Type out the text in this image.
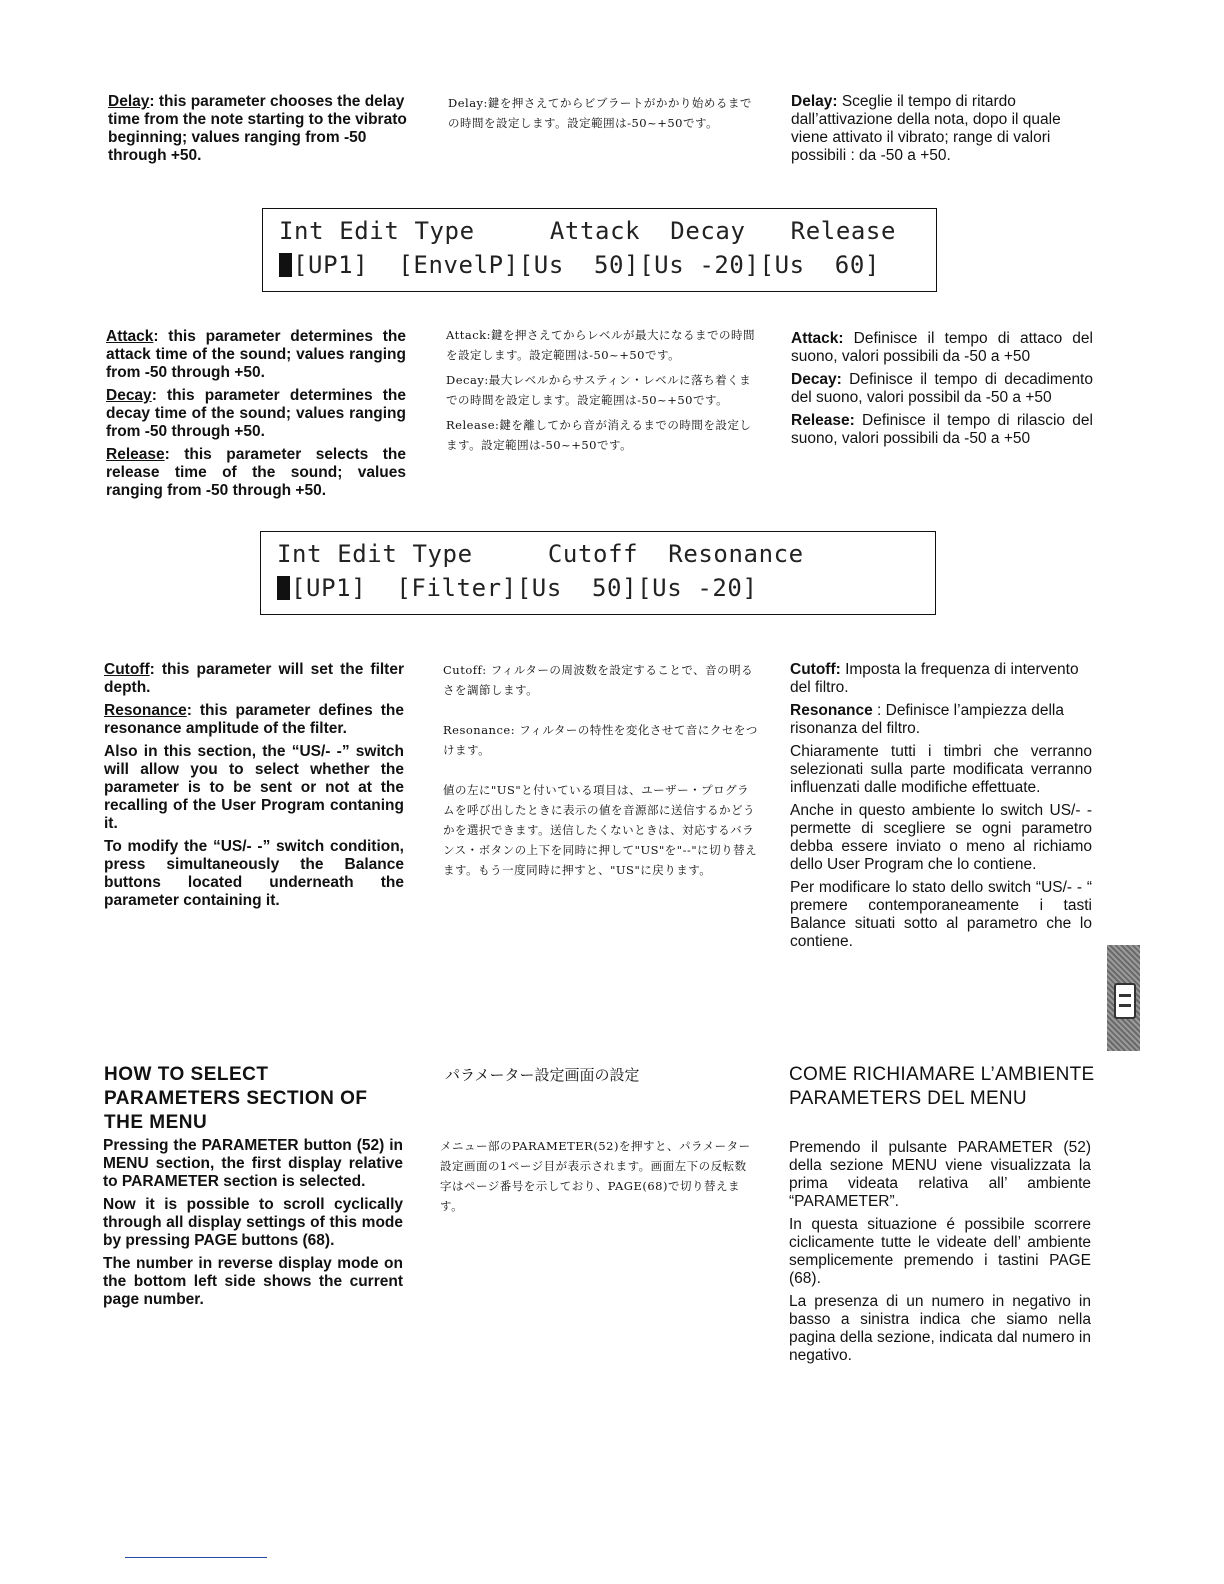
Delay: this parameter chooses the delay time from the note starting to the vibrato beginning; values ranging from -50 through +50.

Delay:鍵を押さえてからビブラートがかかり始めるまでの時間を設定します。設定範囲は-50~+50です。

Delay: Sceglie il tempo di ritardo dall’attivazione della nota, dopo il quale viene attivato il vibrato; range di valori possibili : da -50 a +50.

Int Edit Type     Attack  Decay   Release
[UP1]  [EnvelP][Us  50][Us -20][Us  60]

Attack: this parameter determines the attack time of the sound; values ranging from -50 through +50.

Decay: this parameter determines the decay time of the sound; values ranging from -50 through +50.

Release: this parameter selects the release time of the sound; values ranging from -50 through +50.

Attack:鍵を押さえてからレベルが最大になるまでの時間を設定します。設定範囲は-50~+50です。

Decay:最大レベルからサスティン・レベルに落ち着くまでの時間を設定します。設定範囲は-50~+50です。

Release:鍵を離してから音が消えるまでの時間を設定します。設定範囲は-50~+50です。

Attack: Definisce il tempo di attaco del suono, valori possibili da -50 a +50

Decay: Definisce il tempo di decadimento del suono, valori possibil da -50 a +50

Release: Definisce il tempo di rilascio del suono, valori possibili da -50 a +50

Int Edit Type     Cutoff  Resonance
[UP1]  [Filter][Us  50][Us -20]

Cutoff: this parameter will set the filter depth.

Resonance: this parameter defines the resonance amplitude of the filter.

Also in this section, the “US/- -” switch will allow you to select whether the parameter is to be sent or not at the recalling of the User Program contaning it.

To modify the “US/- -” switch condition, press simultaneously the Balance buttons located underneath the parameter containing it.

Cutoff: フィルターの周波数を設定することで、音の明るさを調節します。

Resonance: フィルターの特性を変化させて音にクセをつけます。

値の左に"US"と付いている項目は、ユーザー・プログラムを呼び出したときに表示の値を音源部に送信するかどうかを選択できます。送信したくないときは、対応するバランス・ボタンの上下を同時に押して"US"を"--"に切り替えます。もう一度同時に押すと、"US"に戻ります。

Cutoff: Imposta la frequenza di intervento del filtro.

Resonance : Definisce l’ampiezza della risonanza del filtro.

Chiaramente tutti i timbri che verranno selezionati sulla parte modificata verranno influenzati dalle modifiche effettuate.

Anche in questo ambiente lo switch US/- - permette di scegliere se ogni parametro debba essere inviato o meno al richiamo dello User Program che lo contiene.

Per modificare lo stato dello switch “US/- - “ premere contemporaneamente i tasti Balance situati sotto al parametro che lo contiene.

HOW TO SELECT PARAMETERS SECTION OF THE MENU
パラメーター設定画面の設定	COME RICHIAMARE L’AMBIENTE PARAMETERS DEL MENU

Pressing the PARAMETER button (52) in MENU section, the first display relative to PARAMETER section is selected.

Now it is possible to scroll cyclically through all display settings of this mode by pressing PAGE buttons (68).

The number in reverse display mode on the bottom left side shows the current page number.

メニュー部のPARAMETER(52)を押すと、パラメーター設定画面の1ページ目が表示されます。画面左下の反転数字はページ番号を示しており、PAGE(68)で切り替えます。

Premendo il pulsante PARAMETER (52) della sezione MENU viene visualizzata la prima videata relativa all’ ambiente “PARAMETER”.

In questa situazione é possibile scorrere ciclicamente tutte le videate dell’ ambiente semplicemente premendo i tastini PAGE (68).

La presenza di un numero in negativo in basso a sinistra indica che siamo nella pagina della sezione, indicata dal numero in negativo.
